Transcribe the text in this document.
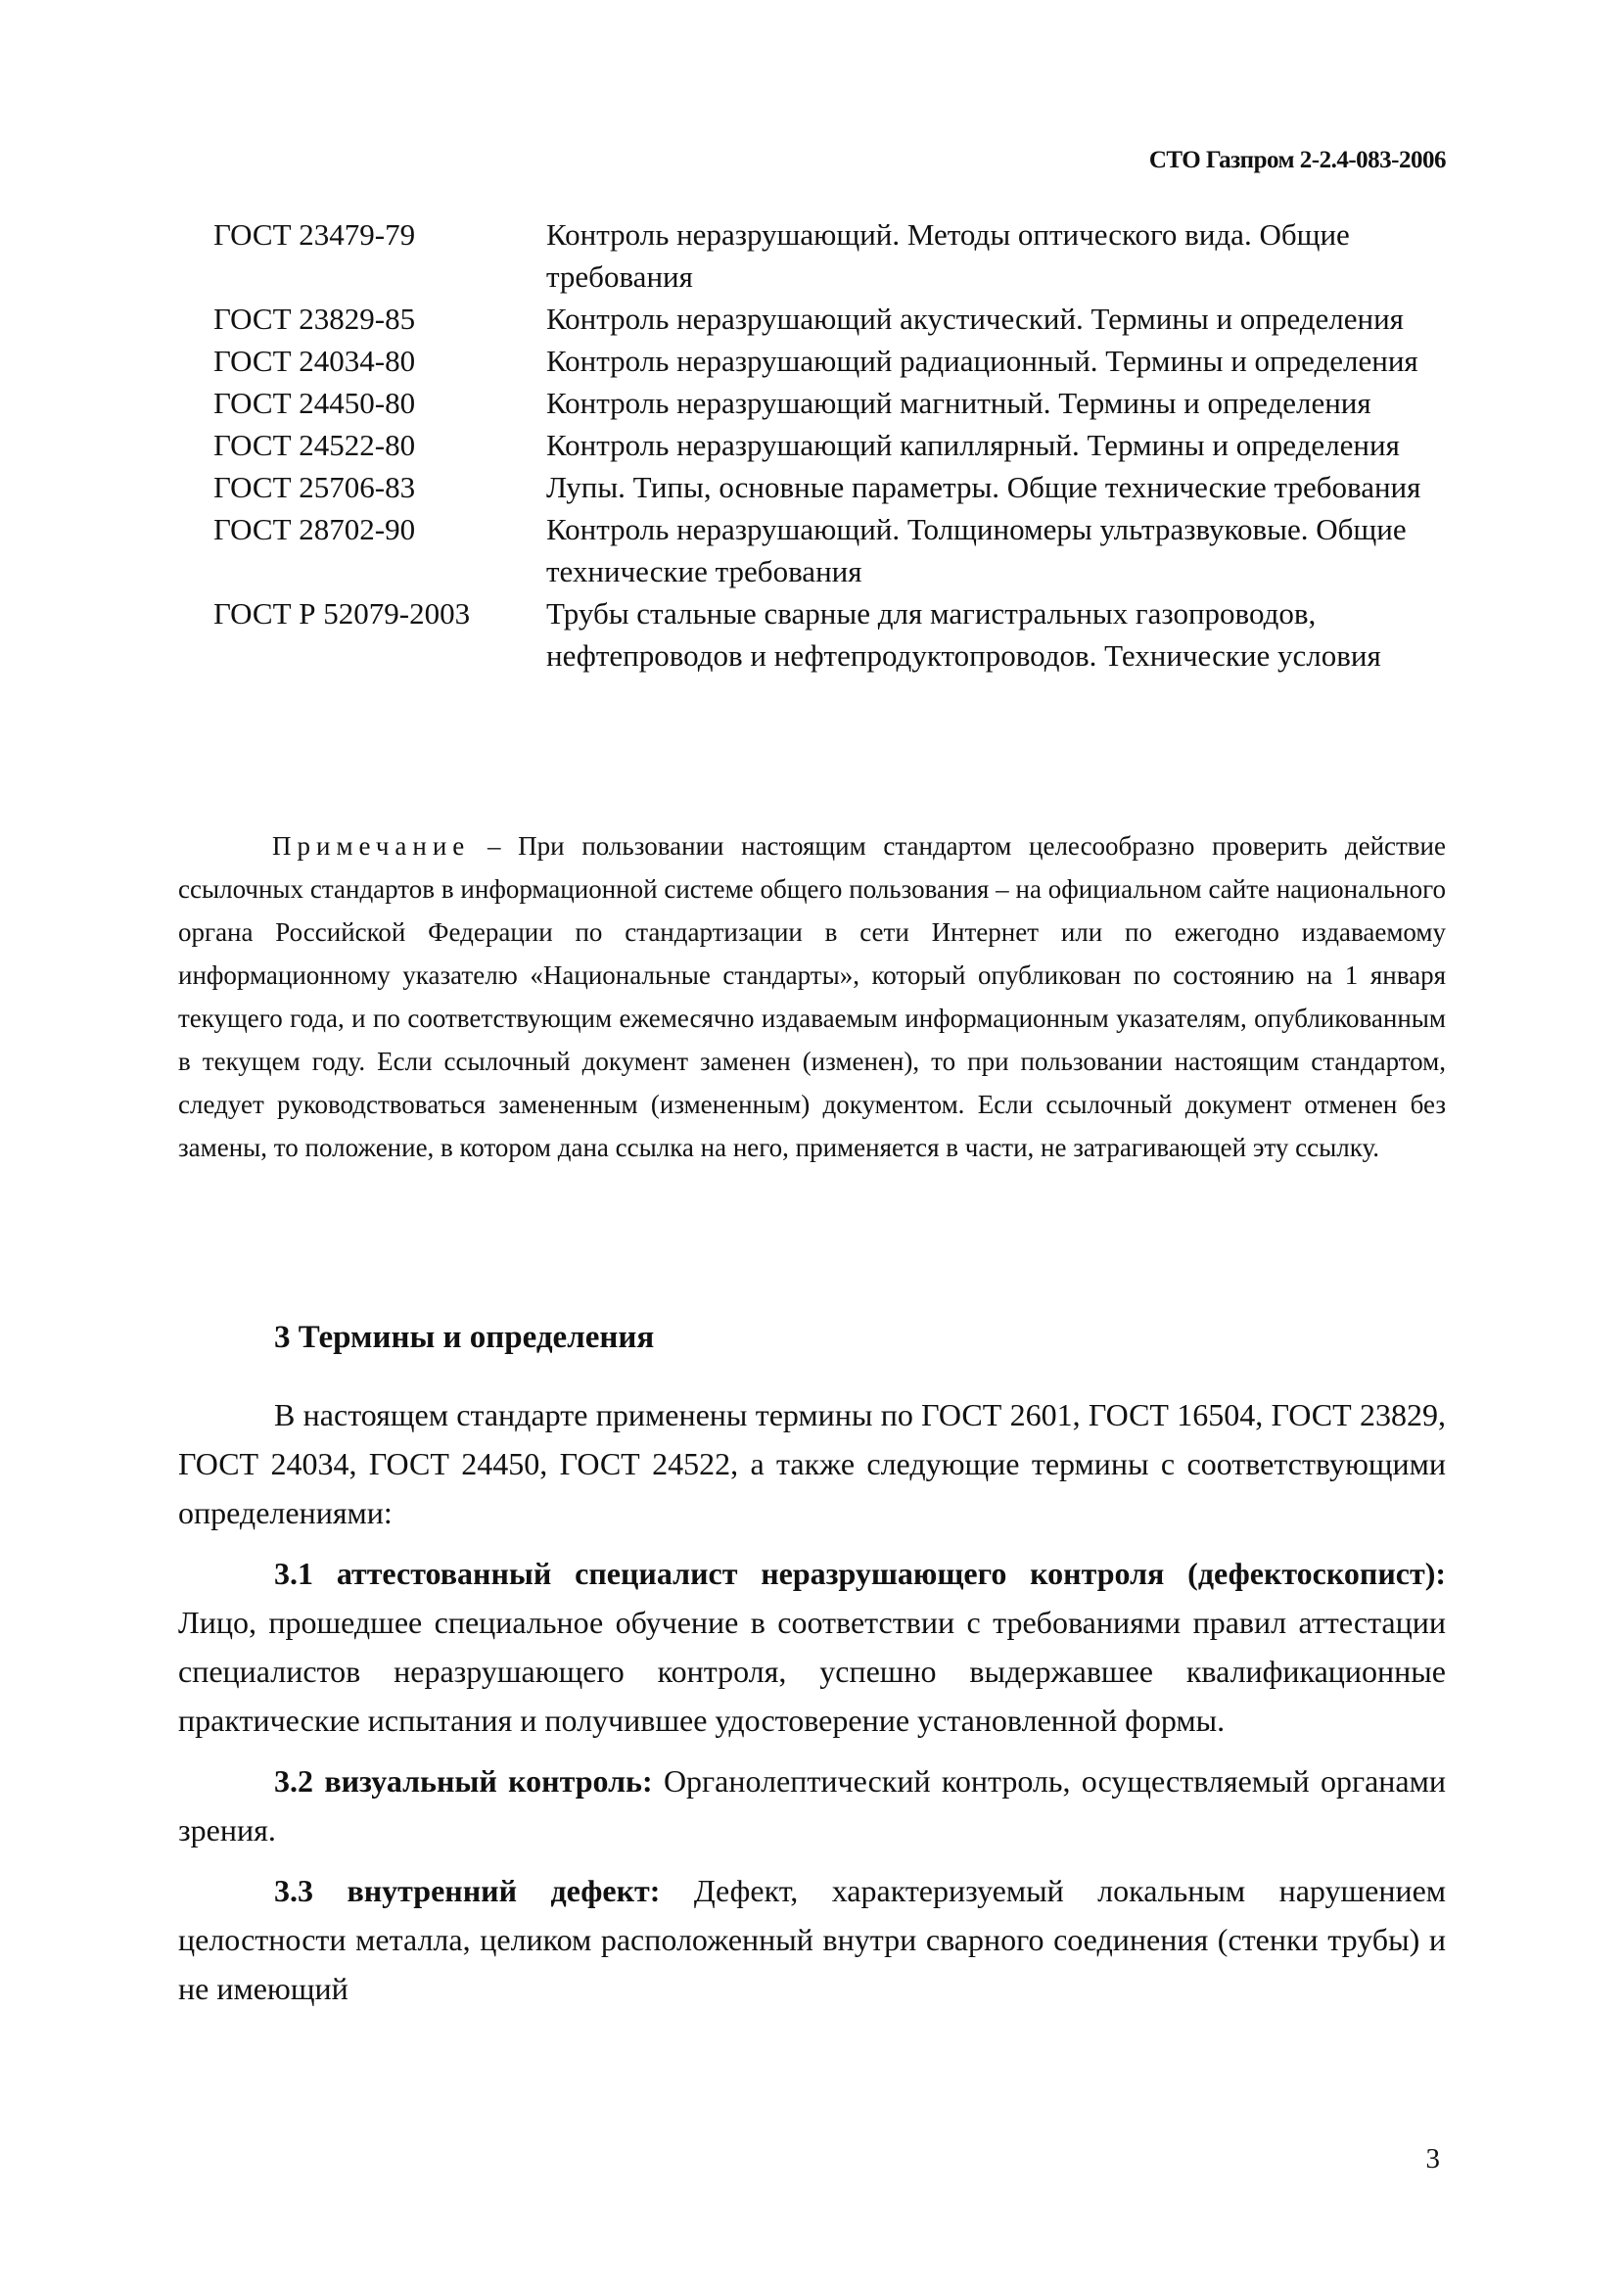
СТО Газпром 2-2.4-083-2006
ГОСТ 23479-79	Контроль неразрушающий. Методы оптического вида. Общие требования
ГОСТ 23829-85	Контроль неразрушающий акустический. Термины и определения
ГОСТ 24034-80	Контроль неразрушающий радиационный. Термины и определения
ГОСТ 24450-80	Контроль неразрушающий магнитный. Термины и определения
ГОСТ 24522-80	Контроль неразрушающий капиллярный. Термины и определения
ГОСТ 25706-83	Лупы. Типы, основные параметры. Общие технические требования
ГОСТ 28702-90	Контроль неразрушающий. Толщиномеры ультразвуковые. Общие технические требования
ГОСТ Р 52079-2003	Трубы стальные сварные для магистральных газопроводов, нефтепроводов и нефтепродуктопроводов. Технические условия
Примечание – При пользовании настоящим стандартом целесообразно проверить действие ссылочных стандартов в информационной системе общего пользования – на официальном сайте национального органа Российской Федерации по стандартизации в сети Интернет или по ежегодно издаваемому информационному указателю «Национальные стандарты», который опубликован по состоянию на 1 января текущего года, и по соответствующим ежемесячно издаваемым информационным указателям, опубликованным в текущем году. Если ссылочный документ заменен (изменен), то при пользовании настоящим стандартом, следует руководствоваться замененным (измененным) документом. Если ссылочный документ отменен без замены, то положение, в котором дана ссылка на него, применяется в части, не затрагивающей эту ссылку.
3 Термины и определения

В настоящем стандарте применены термины по ГОСТ 2601, ГОСТ 16504, ГОСТ 23829, ГОСТ 24034, ГОСТ 24450, ГОСТ 24522, а также следующие термины с соответствующими определениями:

3.1 аттестованный специалист неразрушающего контроля (дефектоскопист): Лицо, прошедшее специальное обучение в соответствии с требованиями правил аттестации специалистов неразрушающего контроля, успешно выдержавшее квалификационные практические испытания и получившее удостоверение установленной формы.

3.2 визуальный контроль: Органолептический контроль, осуществляемый органами зрения.

3.3 внутренний дефект: Дефект, характеризуемый локальным нарушением целостности металла, целиком расположенный внутри сварного соединения (стенки трубы) и не имеющий

3
